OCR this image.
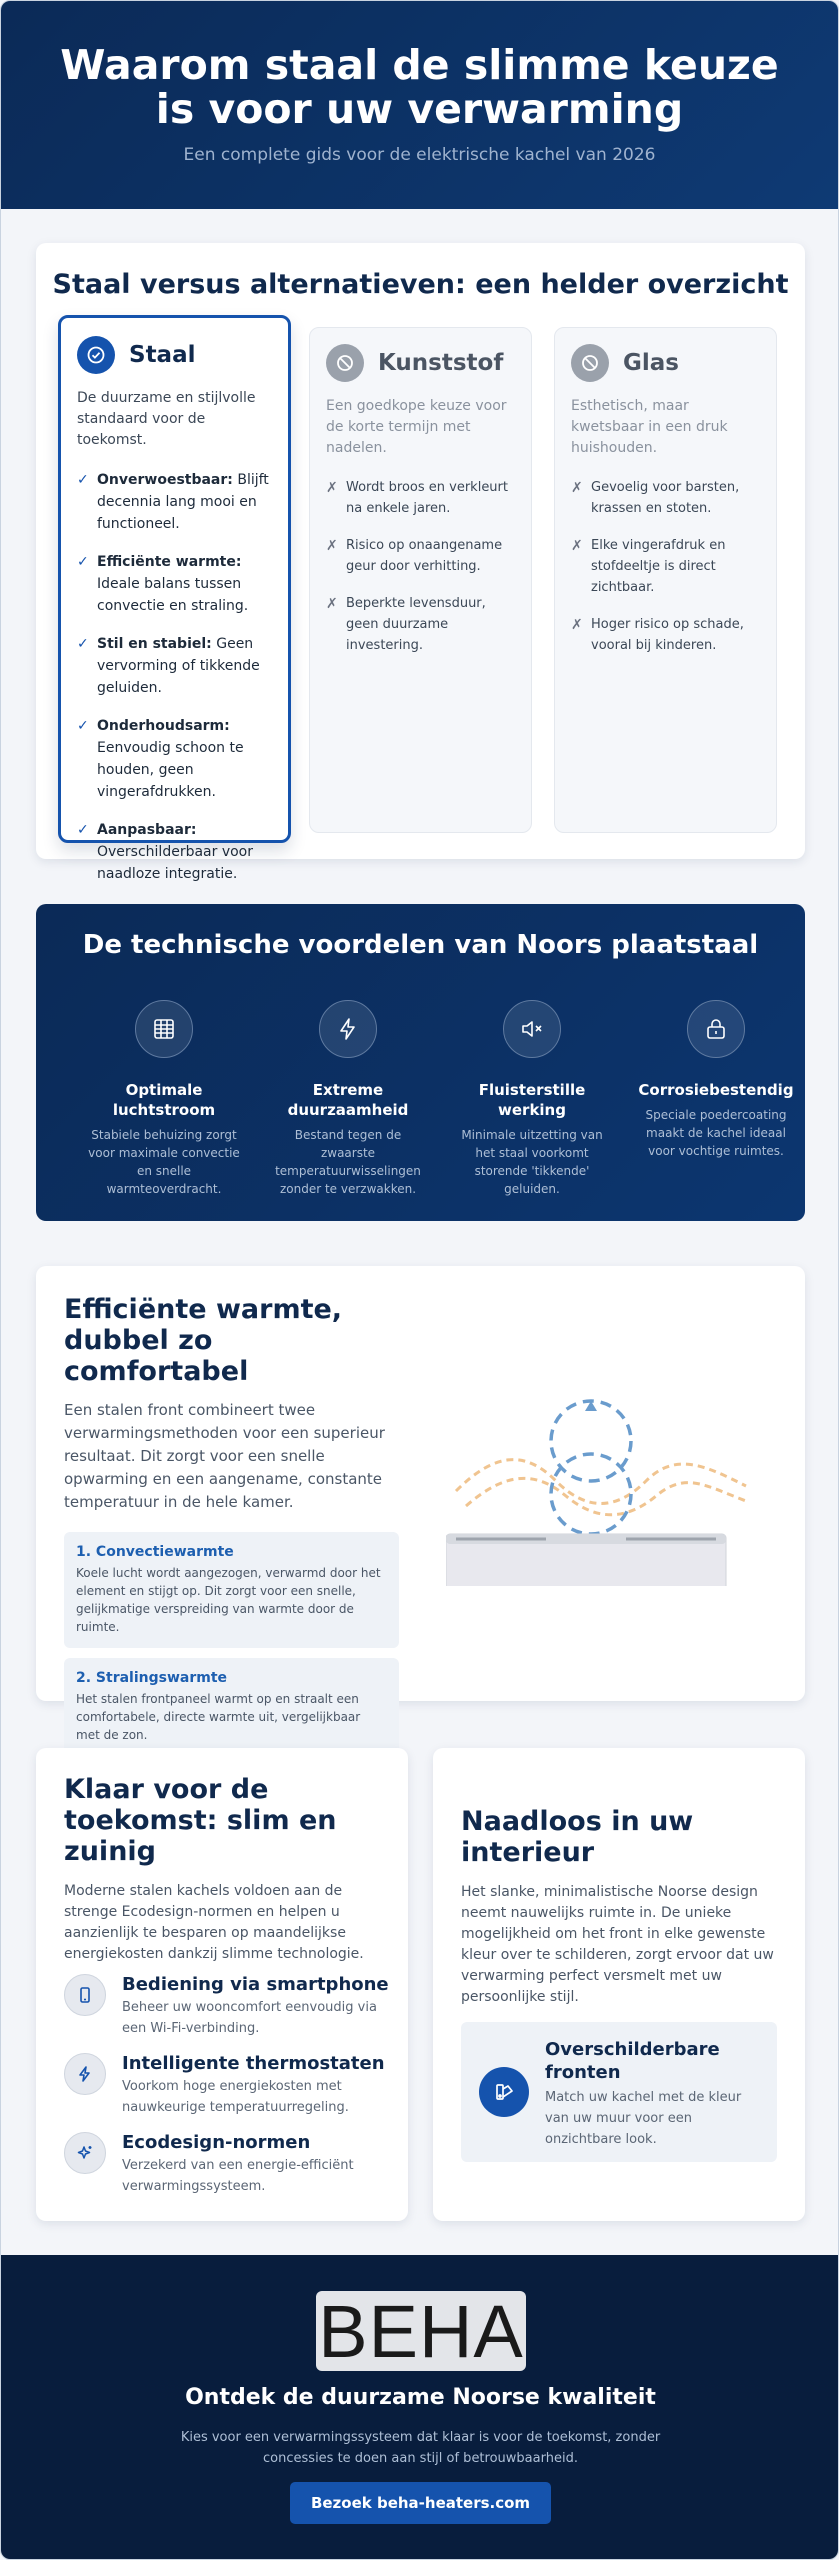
Waarom staal de slimme keuze
is voor uw verwarming

Een complete gids voor de elektrische kachel van 2026

Staal versus alternatieven: een helder overzicht
Staal

De duurzame en stijlvolle standaard voor de toekomst.

✓ Onverwoestbaar: Blijft decennia lang mooi en functioneel.
✓ Efficiënte warmte: Ideale balans tussen convectie en straling.
✓ Stil en stabiel: Geen vervorming of tikkende geluiden.
✓ Onderhoudsarm: Eenvoudig schoon te houden, geen vingerafdrukken.
✓ Aanpasbaar: Overschilderbaar voor naadloze integratie.
Kunststof

Een goedkope keuze voor de korte termijn met nadelen.

✗ Wordt broos en verkleurt na enkele jaren.
✗ Risico op onaangename geur door verhitting.
✗ Beperkte levensduur, geen duurzame investering.
Glas

Esthetisch, maar kwetsbaar in een druk huishouden.

✗ Gevoelig voor barsten, krassen en stoten.
✗ Elke vingerafdruk en stofdeeltje is direct zichtbaar.
✗ Hoger risico op schade, vooral bij kinderen.
De technische voordelen van Noors plaatstaal
Optimale luchtstroom

Stabiele behuizing zorgt voor maximale convectie en snelle warmteoverdracht.

Extreme duurzaamheid

Bestand tegen de zwaarste temperatuurwisselingen zonder te verzwakken.

Fluisterstille werking

Minimale uitzetting van het staal voorkomt storende 'tikkende' geluiden.

Corrosiebestendig

Speciale poedercoating maakt de kachel ideaal voor vochtige ruimtes.

Efficiënte warmte,
dubbel zo comfortabel

Een stalen front combineert twee verwarmingsmethoden voor een superieur resultaat. Dit zorgt voor een snelle opwarming en een aangename, constante temperatuur in de hele kamer.

1. Convectiewarmte

Koele lucht wordt aangezogen, verwarmd door het element en stijgt op. Dit zorgt voor een snelle, gelijkmatige verspreiding van warmte door de ruimte.

2. Stralingswarmte

Het stalen frontpaneel warmt op en straalt een comfortabele, directe warmte uit, vergelijkbaar met de zon.

Klaar voor de toekomst: slim en zuinig

Moderne stalen kachels voldoen aan de strenge Ecodesign-normen en helpen u aanzienlijk te besparen op maandelijkse energiekosten dankzij slimme technologie.

Bediening via smartphone

Beheer uw wooncomfort eenvoudig via een Wi-Fi-verbinding.

Intelligente thermostaten

Voorkom hoge energiekosten met nauwkeurige temperatuurregeling.

Ecodesign-normen

Verzekerd van een energie-efficiënt verwarmingssysteem.

Naadloos in uw interieur

Het slanke, minimalistische Noorse design neemt nauwelijks ruimte in. De unieke mogelijkheid om het front in elke gewenste kleur over te schilderen, zorgt ervoor dat uw verwarming perfect versmelt met uw persoonlijke stijl.

Overschilderbare fronten

Match uw kachel met de kleur van uw muur voor een onzichtbare look.

Ontdek de duurzame Noorse kwaliteit

Kies voor een verwarmingssysteem dat klaar is voor de toekomst, zonder concessies te doen aan stijl of betrouwbaarheid.

BEHA
Bezoek beha-heaters.com
